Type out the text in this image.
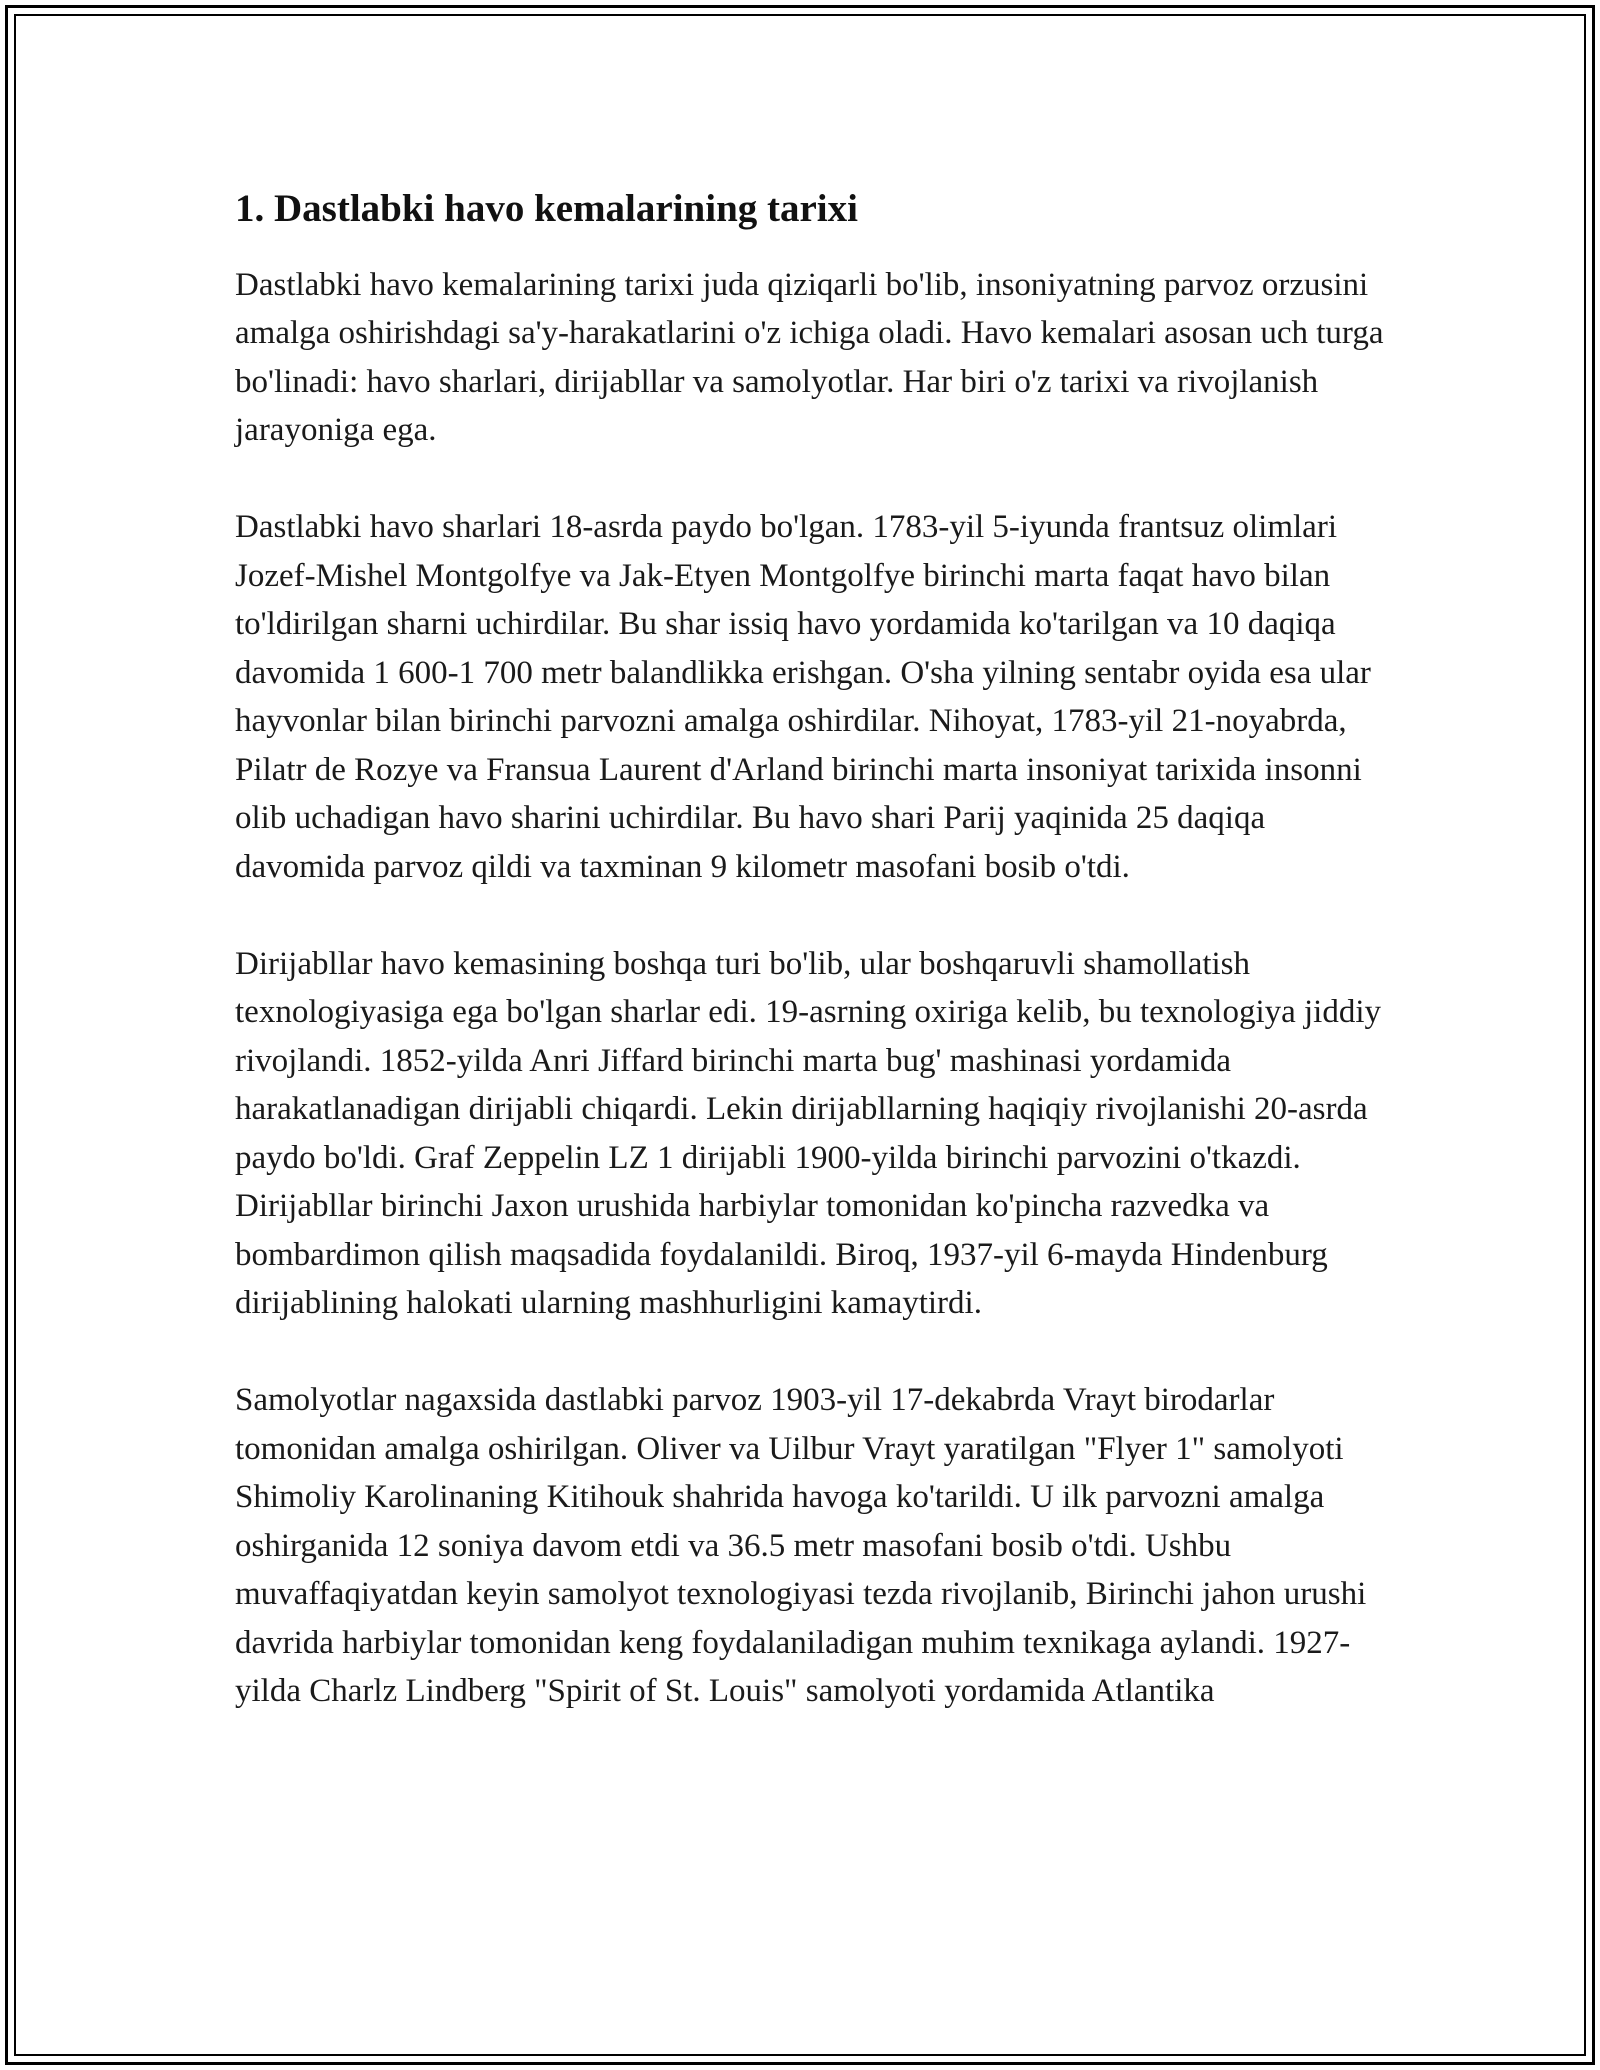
1. Dastlabki havo kemalarining tarixi

Dastlabki havo kemalarining tarixi juda qiziqarli bo'lib, insoniyatning parvoz orzusini amalga oshirishdagi sa'y-harakatlarini o'z ichiga oladi. Havo kemalari asosan uch turga bo'linadi: havo sharlari, dirijabllar va samolyotlar. Har biri o'z tarixi va rivojlanish jarayoniga ega.

Dastlabki havo sharlari 18-asrda paydo bo'lgan. 1783-yil 5-iyunda frantsuz olimlari Jozef-Mishel Montgolfye va Jak-Etyen Montgolfye birinchi marta faqat havo bilan to'ldirilgan sharni uchirdilar. Bu shar issiq havo yordamida ko'tarilgan va 10 daqiqa davomida 1 600-1 700 metr balandlikka erishgan. O'sha yilning sentabr oyida esa ular hayvonlar bilan birinchi parvozni amalga oshirdilar. Nihoyat, 1783-yil 21-noyabrda, Pilatr de Rozye va Fransua Laurent d'Arland birinchi marta insoniyat tarixida insonni olib uchadigan havo sharini uchirdilar. Bu havo shari Parij yaqinida 25 daqiqa davomida parvoz qildi va taxminan 9 kilometr masofani bosib o'tdi.

Dirijabllar havo kemasining boshqa turi bo'lib, ular boshqaruvli shamollatish texnologiyasiga ega bo'lgan sharlar edi. 19-asrning oxiriga kelib, bu texnologiya jiddiy rivojlandi. 1852-yilda Anri Jiffard birinchi marta bug' mashinasi yordamida harakatlanadigan dirijabli chiqardi. Lekin dirijabllarning haqiqiy rivojlanishi 20-asrda paydo bo'ldi. Graf Zeppelin LZ 1 dirijabli 1900-yilda birinchi parvozini o'tkazdi. Dirijabllar birinchi Jaxon urushida harbiylar tomonidan ko'pincha razvedka va bombardimon qilish maqsadida foydalanildi. Biroq, 1937-yil 6-mayda Hindenburg dirijablining halokati ularning mashhurligini kamaytirdi.

Samolyotlar nagaxsida dastlabki parvoz 1903-yil 17-dekabrda Vrayt birodarlar tomonidan amalga oshirilgan. Oliver va Uilbur Vrayt yaratilgan "Flyer 1" samolyoti Shimoliy Karolinaning Kitihouk shahrida havoga ko'tarildi. U ilk parvozni amalga oshirganida 12 soniya davom etdi va 36.5 metr masofani bosib o'tdi. Ushbu muvaffaqiyatdan keyin samolyot texnologiyasi tezda rivojlanib, Birinchi jahon urushi davrida harbiylar tomonidan keng foydalaniladigan muhim texnikaga aylandi. 1927-yilda Charlz Lindberg "Spirit of St. Louis" samolyoti yordamida Atlantika
